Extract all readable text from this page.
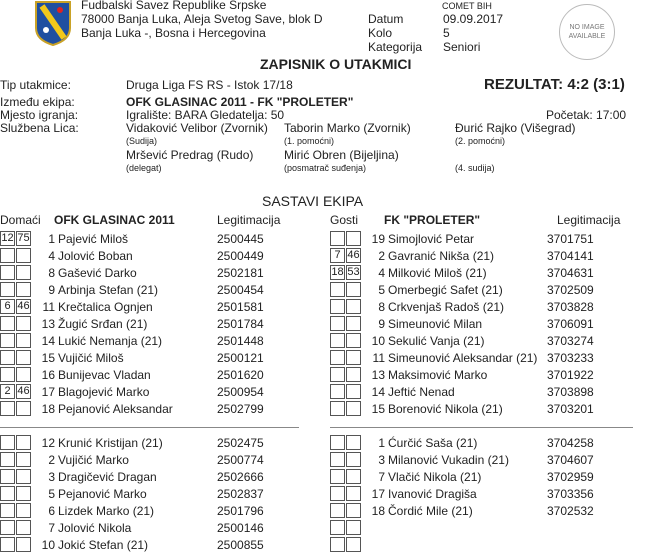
Fudbalski Savez Republike Srpske
78000 Banja Luka, Aleja Svetog Save, blok D
Banja Luka -, Bosna i Hercegovina
COMET BIH
Datum
Kolo
Kategorija
09.09.2017
5
Seniori
NO IMAGE
AVAILABLE
ZAPISNIK O UTAKMICI
Tip utakmice:	Druga Liga FS RS - Istok 17/18	REZULTAT: 4:2 (3:1)
Između ekipa:	OFK GLASINAC 2011 - FK "PROLETER"
Mjesto igranja:	Igralište: BARA Gledatelja: 50	Početak: 17:00
Službena Lica:	Vidaković Velibor (Zvornik)
(Sudija)
Taborin Marko (Zvornik)
(1. pomoćni)
Đurić Rajko (Višegrad)
(2. pomoćni)
Mršević Predrag (Rudo)
(delegat)
Mirić Obren (Bijeljina)
(posmatrač suđenja)	(4. sudija)
SASTAVI EKIPA
Domaći OFK GLASINAC 2011	Legitimacija	Gosti FK "PROLETER"	Legitimacija
12 75	1 Pajević Miloš	2500445
4 Jolović Boban	2500449
8 Gašević Darko	2502181
9 Arbinja Stefan (21)	2500454
6 46	11 Krečtalica Ognjen	2501581
13 Žugić Srđan (21)	2501784
14 Lukić Nemanja (21)	2501448
15 Vujičić Miloš	2500121
16 Bunijevac Vladan	2501620
2 46	17 Blagojević Marko	2500954
18 Pejanović Aleksandar	2502799
19 Simojlović Petar	3701751
7 46	2 Gavranić Nikša (21)	3704141
18 53	4 Milković Miloš (21)	3704631
5 Omerbegić Safet (21)	3702509
8 Crkvenjaš Radoš (21)	3703828
9 Simeunović Milan	3706091
10 Sekulić Vanja (21)	3703274
11 Simeunović Aleksandar (21) 3703233
13 Maksimović Marko	3701922
14 Jeftić Nenad	3703898
15 Borenović Nikola (21)	3703201
12 Krunić Kristijan (21)	2502475
2 Vujičić Marko	2500774
3 Dragičević Dragan	2502666
5 Pejanović Marko	2502837
6 Lizdek Marko (21)	2501796
7 Jolović Nikola	2500146
10 Jokić Stefan (21)	2500855
1 Ćurčić Saša (21)	3704258
3 Milanović Vukadin (21)	3704607
7 Vlačić Nikola (21)	3702959
17 Ivanović Dragiša	3703356
18 Čordić Mile (21)	3702532
